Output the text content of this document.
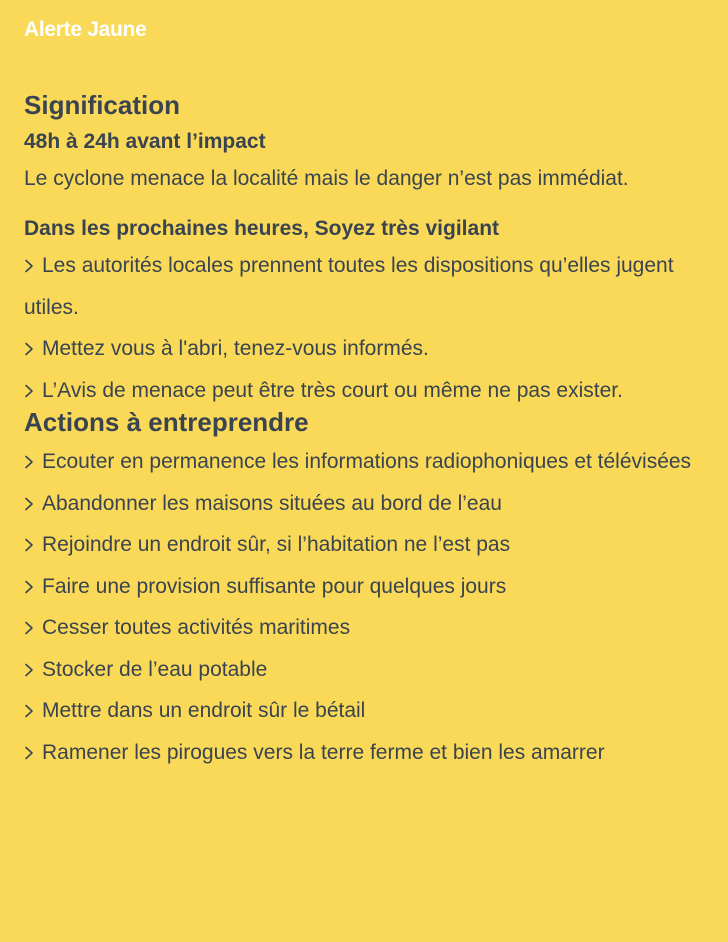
Alerte Jaune
Signification
48h à 24h avant l’impact

Le cyclone menace la localité mais le danger n’est pas immédiat.

Dans les prochaines heures, Soyez très vigilant
Les autorités locales prennent toutes les dispositions qu’elles jugent utiles.
Mettez vous à l'abri, tenez-vous informés.
L’Avis de menace peut être très court ou même ne pas exister.
Actions à entreprendre
Ecouter en permanence les informations radiophoniques et télévisées
Abandonner les maisons situées au bord de l’eau
Rejoindre un endroit sûr, si l’habitation ne l’est pas
Faire une provision suffisante pour quelques jours
Cesser toutes activités maritimes
Stocker de l’eau potable
Mettre dans un endroit sûr le bétail
Ramener les pirogues vers la terre ferme et bien les amarrer
